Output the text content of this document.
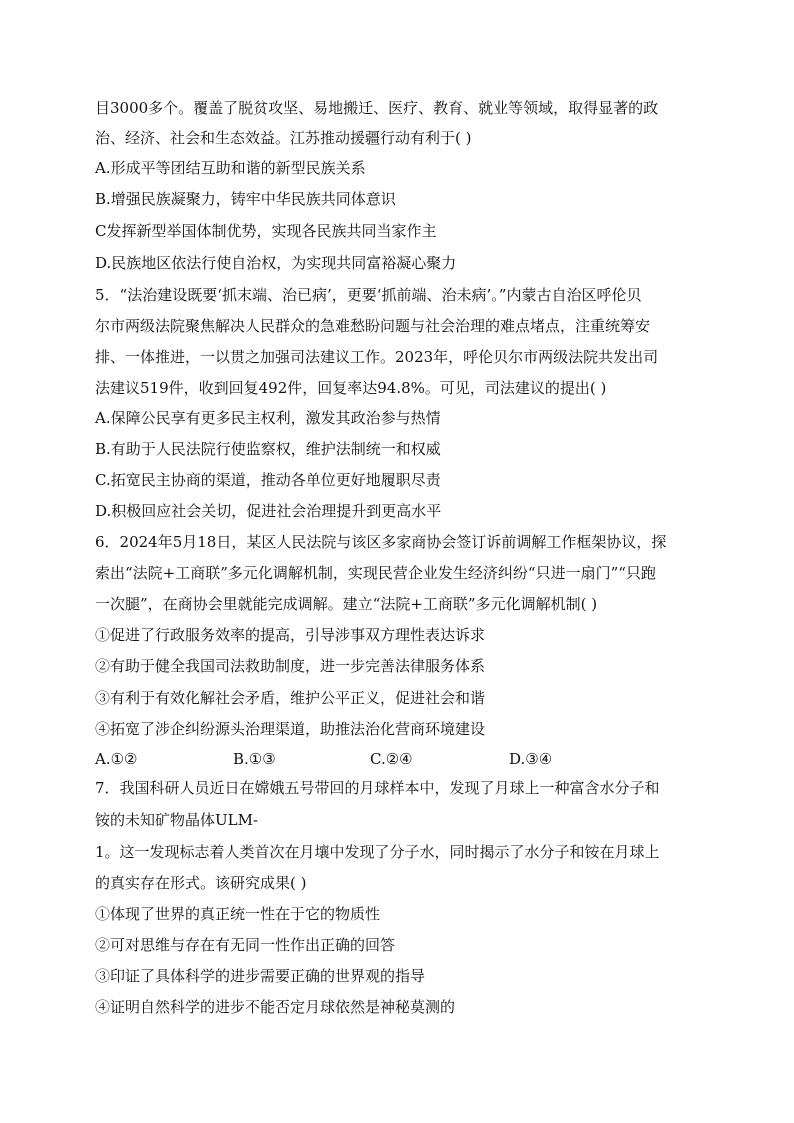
目3000多个。覆盖了脱贫攻坚、易地搬迁、医疗、教育、就业等领域，取得显著的政
治、经济、社会和生态效益。江苏推动援疆行动有利于( )
A.形成平等团结互助和谐的新型民族关系
B.增强民族凝聚力，铸牢中华民族共同体意识
C发挥新型举国体制优势，实现各民族共同当家作主
D.民族地区依法行使自治权，为实现共同富裕凝心聚力
5．“法治建设既要‘抓末端、治已病’，更要‘抓前端、治未病’。”内蒙古自治区呼伦贝
尔市两级法院聚焦解决人民群众的急难愁盼问题与社会治理的难点堵点，注重统筹安
排、一体推进，一以贯之加强司法建议工作。2023年，呼伦贝尔市两级法院共发出司
法建议519件，收到回复492件，回复率达94.8%。可见，司法建议的提出( )
A.保障公民享有更多民主权利，激发其政治参与热情
B.有助于人民法院行使监察权，维护法制统一和权威
C.拓宽民主协商的渠道，推动各单位更好地履职尽责
D.积极回应社会关切，促进社会治理提升到更高水平
6．2024年5月18日，某区人民法院与该区多家商协会签订诉前调解工作框架协议，探
索出“法院+工商联”多元化调解机制，实现民营企业发生经济纠纷“只进一扇门”“只跑
一次腿”，在商协会里就能完成调解。建立“法院+工商联”多元化调解机制( )
①促进了行政服务效率的提高，引导涉事双方理性表达诉求
②有助于健全我国司法救助制度，进一步完善法律服务体系
③有利于有效化解社会矛盾，维护公平正义，促进社会和谐
④拓宽了涉企纠纷源头治理渠道，助推法治化营商环境建设
A.①②	B.①③	C.②④	D.③④
7．我国科研人员近日在嫦娥五号带回的月球样本中，发现了月球上一种富含水分子和
铵的未知矿物晶体ULM-
1。这一发现标志着人类首次在月壤中发现了分子水，同时揭示了水分子和铵在月球上
的真实存在形式。该研究成果( )
①体现了世界的真正统一性在于它的物质性
②可对思维与存在有无同一性作出正确的回答
③印证了具体科学的进步需要正确的世界观的指导
④证明自然科学的进步不能否定月球依然是神秘莫测的
